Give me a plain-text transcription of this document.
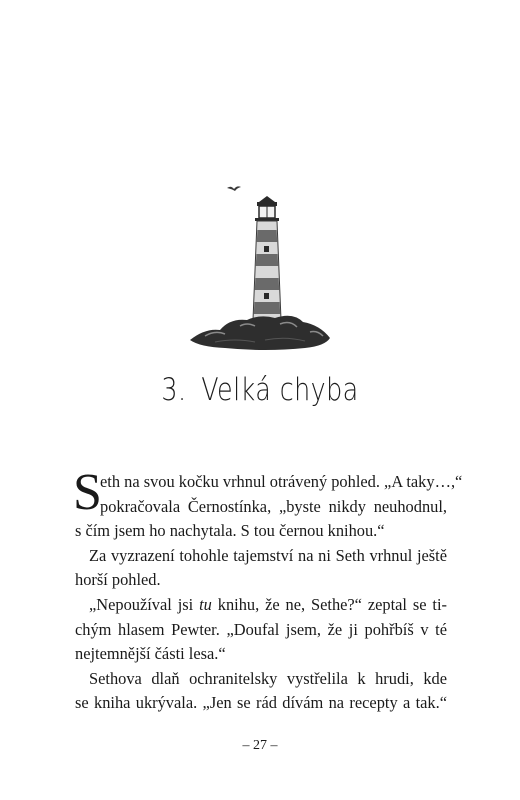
3. Velká chyba
S
eth na svou kočku vrhnul otrávený pohled. „A taky…,“
pokračovala Černostínka, „byste nikdy neuhodnul,
s čím jsem ho nachytala. S tou černou knihou.“
Za vyzrazení tohohle tajemství na ni Seth vrhnul ještě
horší pohled.
„Nepoužíval jsi tu knihu, že ne, Sethe?“ zeptal se ti-
chým hlasem Pewter. „Doufal jsem, že ji pohřbíš v té
nejtemnější části lesa.“
Sethova dlaň ochranitelsky vystřelila k hrudi, kde
se kniha ukrývala. „Jen se rád dívám na recepty a tak.“
– 27 –
